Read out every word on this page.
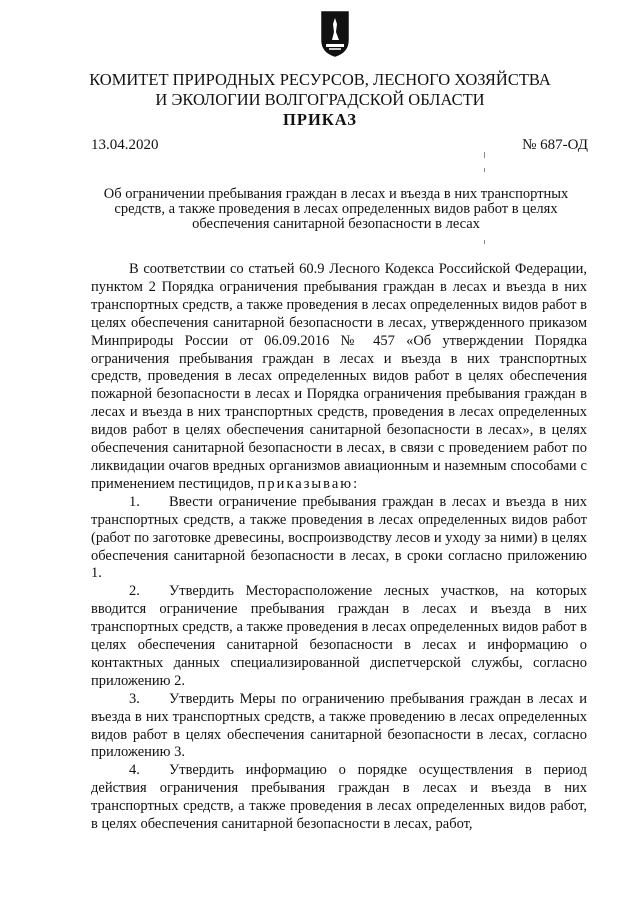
КОМИТЕТ ПРИРОДНЫХ РЕСУРСОВ, ЛЕСНОГО ХОЗЯЙСТВА
И ЭКОЛОГИИ ВОЛГОГРАДСКОЙ ОБЛАСТИ
ПРИКАЗ
13.04.2020	№ 687-ОД
Об ограничении пребывания граждан в лесах и въезда в них транспортных
средств, а также проведения в лесах определенных видов работ в целях
обеспечения санитарной безопасности в лесах

В соответствии со статьей 60.9 Лесного Кодекса Российской Федерации, пунктом 2 Порядка ограничения пребывания граждан в лесах и въезда в них транспортных средств, а также проведения в лесах определенных видов работ в целях обеспечения санитарной безопасности в лесах, утвержденного приказом Минприроды России от 06.09.2016 № 457 «Об утверждении Порядка ограничения пребывания граждан в лесах и въезда в них транспортных средств, проведения в лесах определенных видов работ в целях обеспечения пожарной безопасности в лесах и Порядка ограничения пребывания граждан в лесах и въезда в них транспортных средств, проведения в лесах определенных видов работ в целях обеспечения санитарной безопасности в лесах», в целях обеспечения санитарной безопасности в лесах, в связи с проведением работ по ликвидации очагов вредных организмов авиационным и наземным способами с применением пестицидов, приказываю:

1. Ввести ограничение пребывания граждан в лесах и въезда в них транспортных средств, а также проведения в лесах определенных видов работ (работ по заготовке древесины, воспроизводству лесов и уходу за ними) в целях обеспечения санитарной безопасности в лесах, в сроки согласно приложению 1.

2. Утвердить Месторасположение лесных участков, на которых вводится ограничение пребывания граждан в лесах и въезда в них транспортных средств, а также проведения в лесах определенных видов работ в целях обеспечения санитарной безопасности в лесах и информацию о контактных данных специализированной диспетчерской службы, согласно приложению 2.

3. Утвердить Меры по ограничению пребывания граждан в лесах и въезда в них транспортных средств, а также проведению в лесах определенных видов работ в целях обеспечения санитарной безопасности в лесах, согласно приложению 3.

4. Утвердить информацию о порядке осуществления в период действия ограничения пребывания граждан в лесах и въезда в них транспортных средств, а также проведения в лесах определенных видов работ, в целях обеспечения санитарной безопасности в лесах, работ,
